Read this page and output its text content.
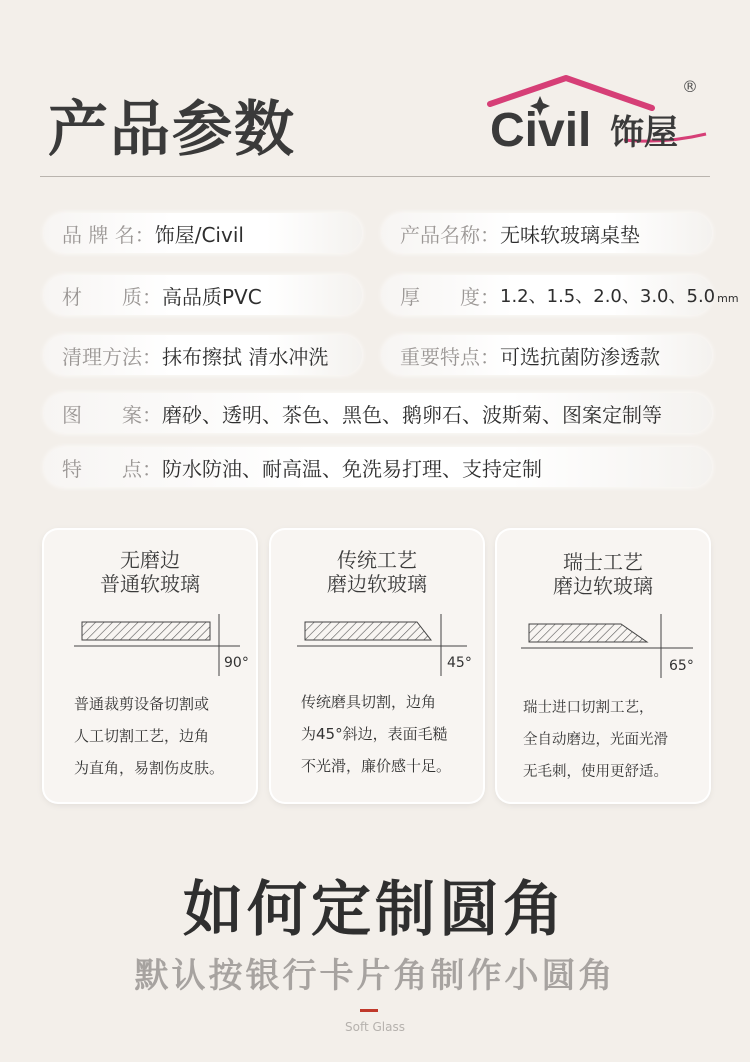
产品参数	Civil 饰屋
®
品 牌 名： 饰屋/Civil	产品名称： 无味软玻璃桌垫
材　　质： 高品质PVC	厚　　度： 1.2、1.5、2.0、3.0、5.0 mm
清理方法： 抹布擦拭 清水冲洗	重要特点： 可选抗菌防渗透款
图　　案： 磨砂、透明、茶色、黑色、鹅卵石、波斯菊、图案定制等
特　　点： 防水防油、耐高温、免洗易打理、支持定制
无磨边
普通软玻璃
90°
普通裁剪设备切割或
人工切割工艺，边角
为直角，易割伤皮肤。
传统工艺
磨边软玻璃
45°
传统磨具切割，边角
为45°斜边，表面毛糙
不光滑，廉价感十足。
瑞士工艺
磨边软玻璃
65°
瑞士进口切割工艺，
全自动磨边，光面光滑
无毛刺，使用更舒适。
如何定制圆角
默认按银行卡片角制作小圆角
Soft Glass
